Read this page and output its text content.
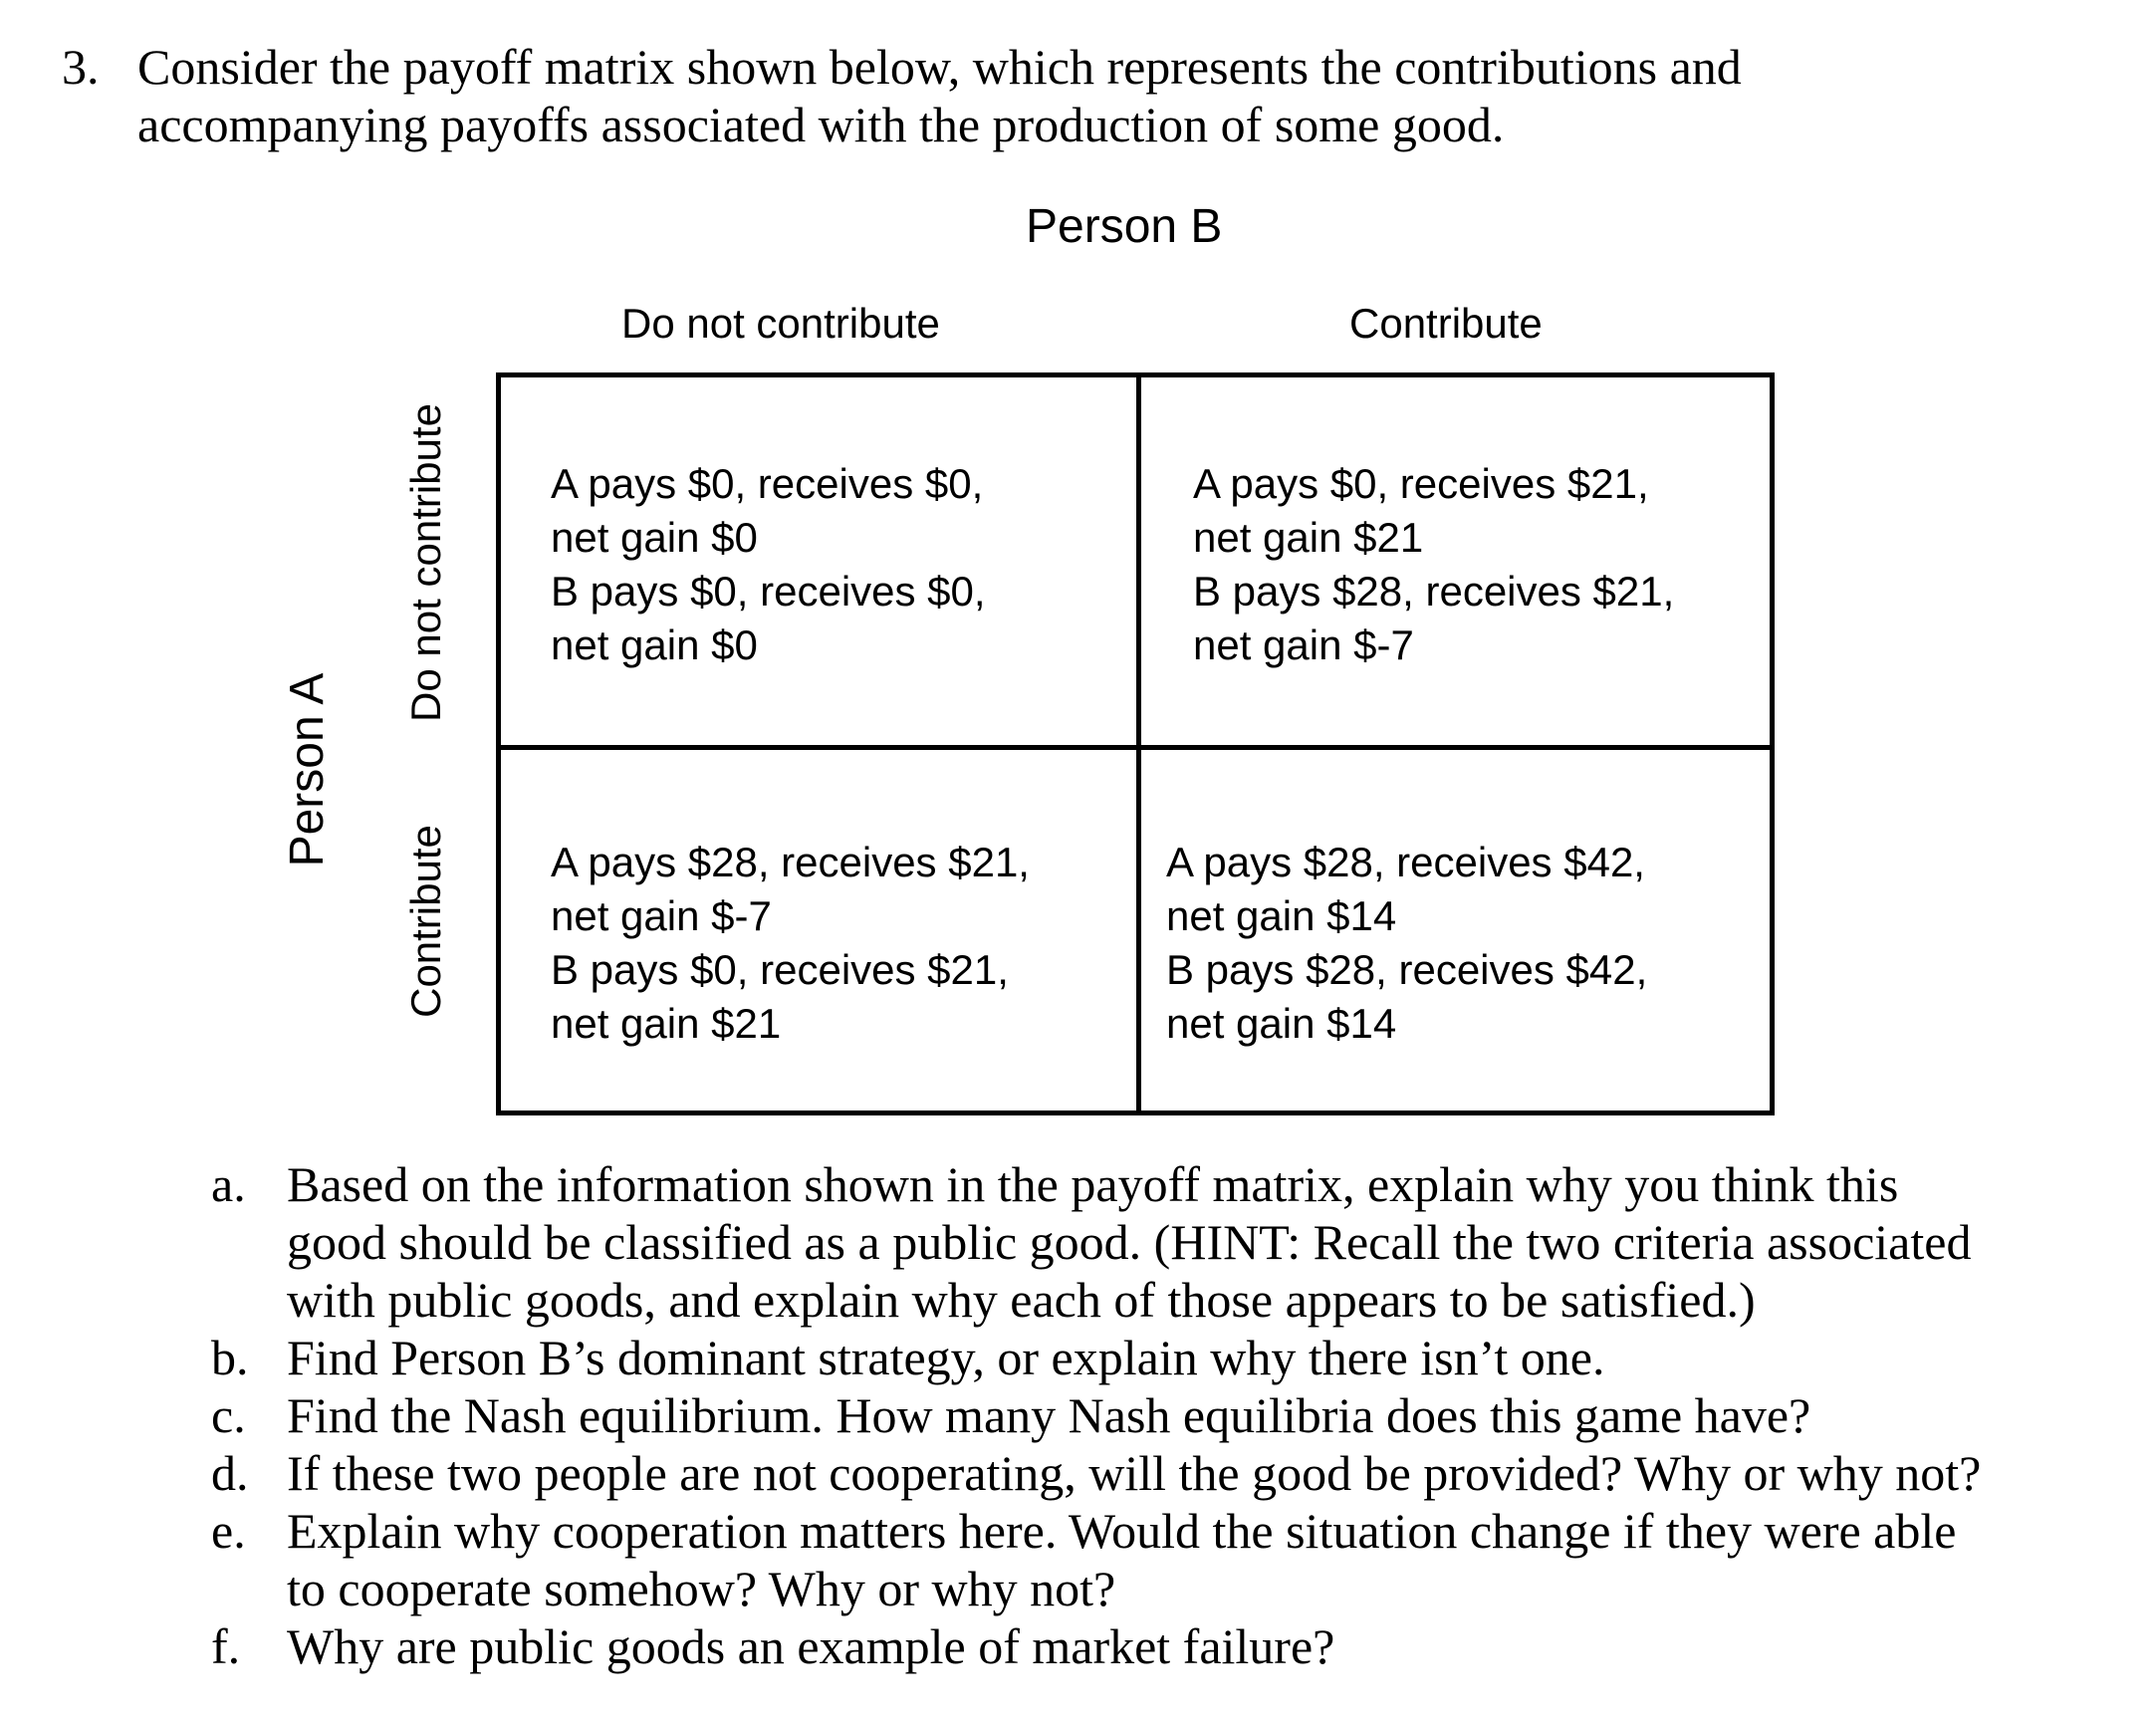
3. Consider the payoff matrix shown below, which represents the contributions and
accompanying payoffs associated with the production of some good.
Person B
Do not contribute	Contribute
Person A
Do not contribute
Contribute
A pays $0, receives $0,
net gain $0
B pays $0, receives $0,
net gain $0
A pays $0, receives $21,
net gain $21
B pays $28, receives $21,
net gain $-7
A pays $28, receives $21,
net gain $-7
B pays $0, receives $21,
net gain $21
A pays $28, receives $42,
net gain $14
B pays $28, receives $42,
net gain $14
a. Based on the information shown in the payoff matrix, explain why you think this
good should be classified as a public good. (HINT: Recall the two criteria associated
with public goods, and explain why each of those appears to be satisfied.)
b. Find Person B’s dominant strategy, or explain why there isn’t one.
c. Find the Nash equilibrium. How many Nash equilibria does this game have?
d. If these two people are not cooperating, will the good be provided? Why or why not?
e. Explain why cooperation matters here. Would the situation change if they were able
to cooperate somehow? Why or why not?
f. Why are public goods an example of market failure?
